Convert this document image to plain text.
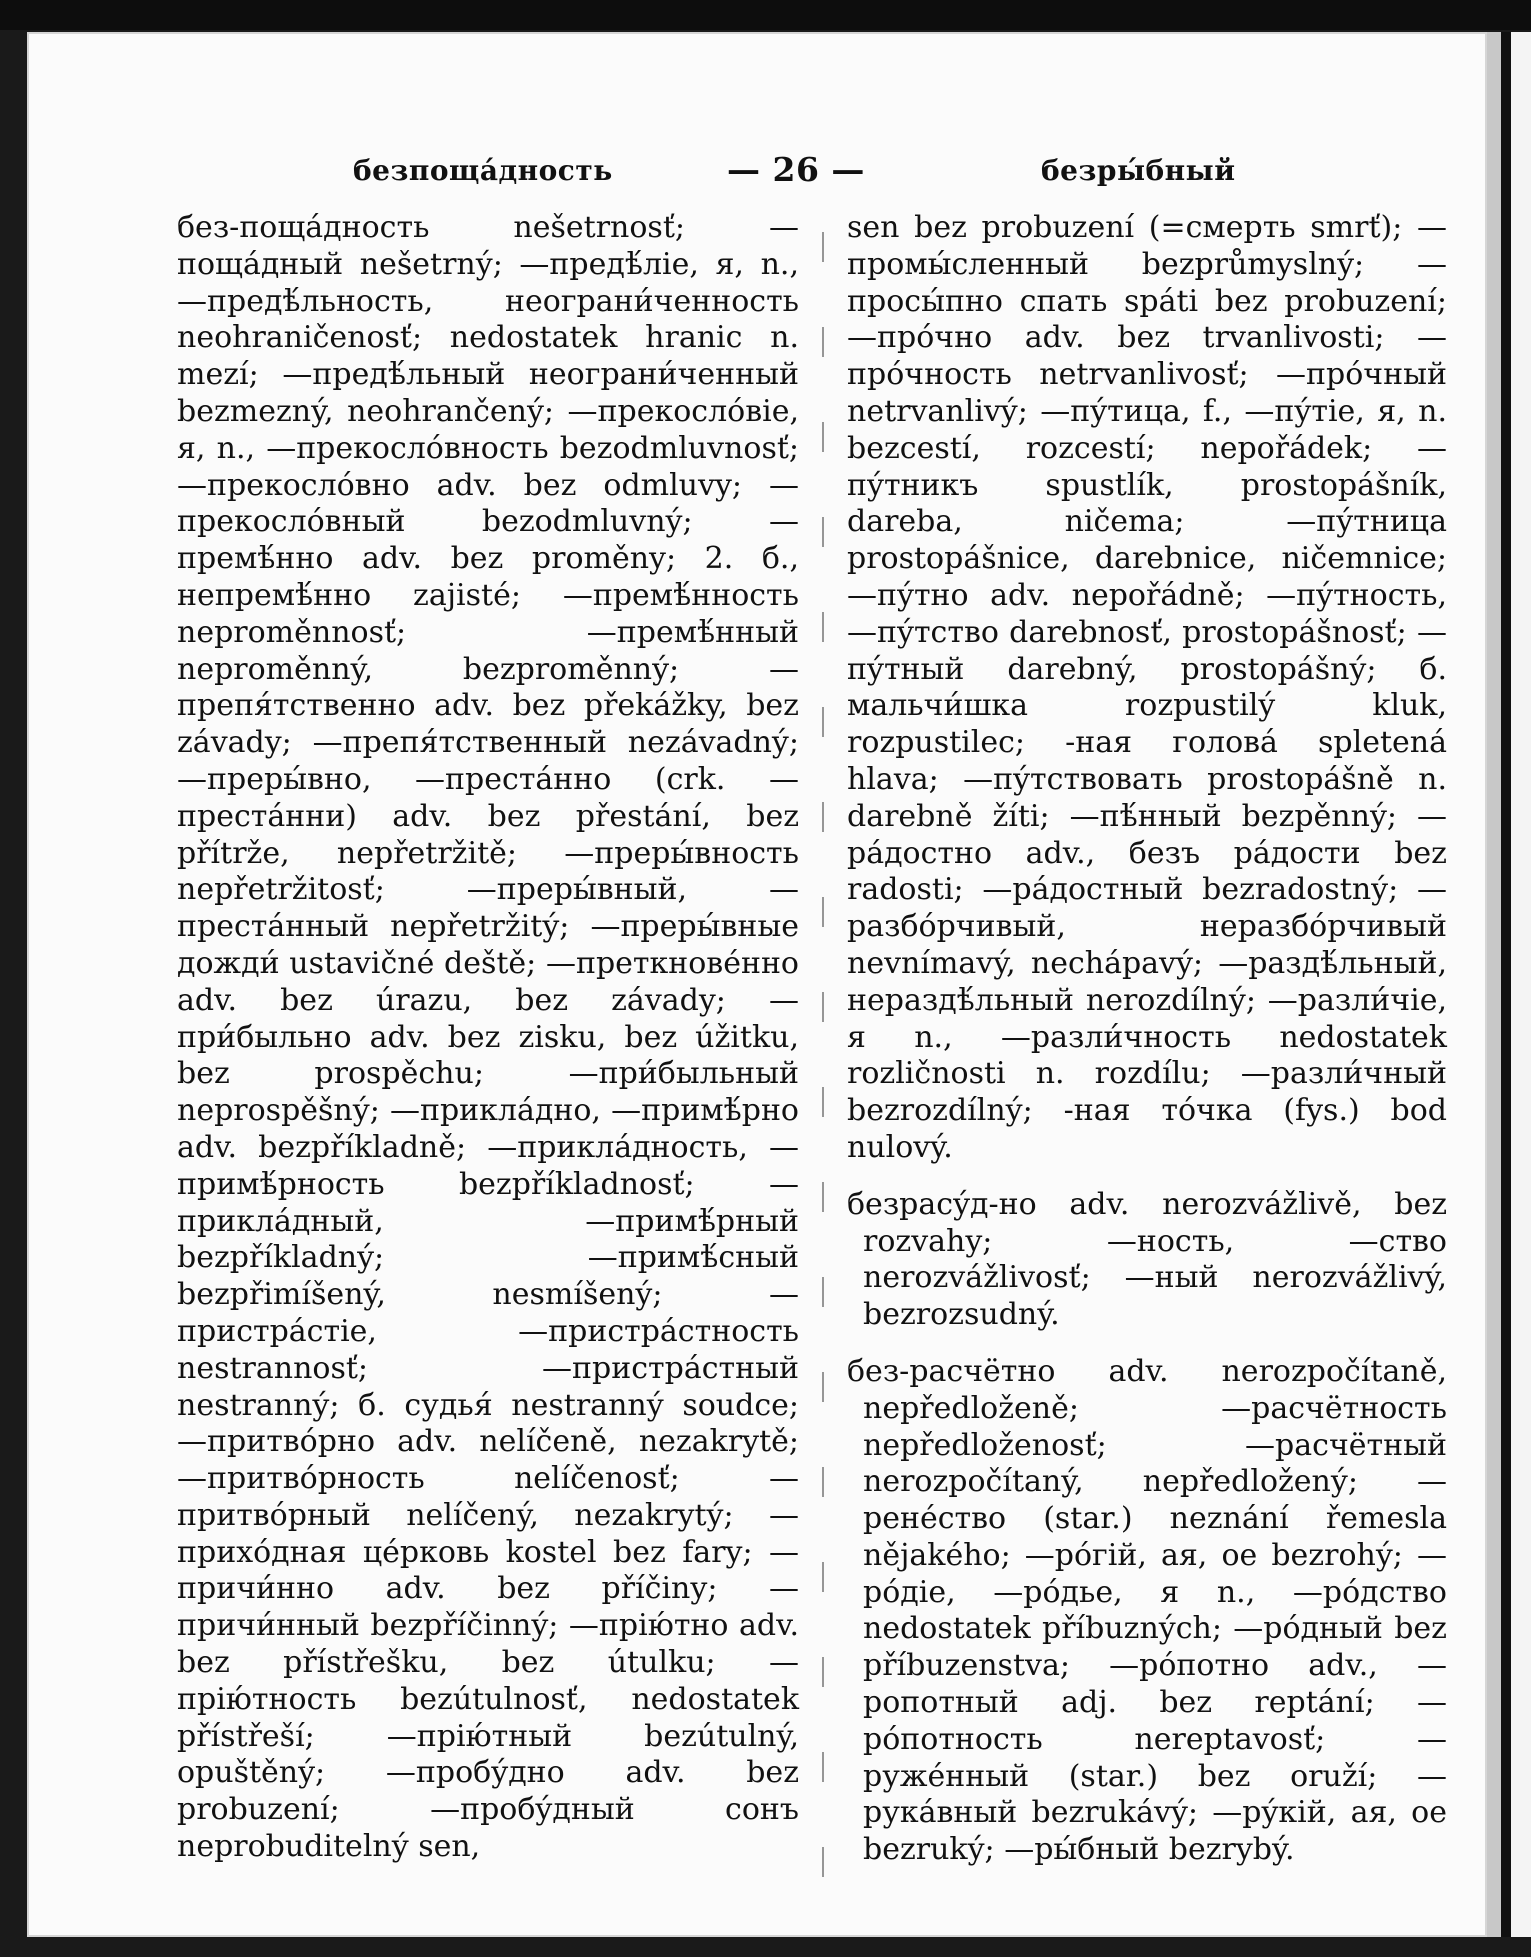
безпощáдность	— 26 —	безры́бный

без-пощáдность nešetrnosť; —пощáдный nešetrný; —предѣ́лie, я, n., —предѣ́льность, неограни́ченность neohraničenosť; nedostatek hranic n. mezí; —предѣ́льный неограни́ченный bezmezný, neohrančený; —прекослóвie, я, n., —прекослóвность bezodmluvnosť; —прекослóвно adv. bez odmluvy; —прекослóвный bezodmluvný; —премѣ́нно adv. bez proměny; 2. б., непремѣ́нно zajisté; —премѣ́нность neproměnnosť; —премѣ́нный neproměnný, bezproměnný; —препя́тственно adv. bez překážky, bez závady; —препя́тственный nezávadný; —преры́вно, —престáнно (crk. —престáнни) adv. bez přestání, bez přítrže, nepřetržitě; —преры́вность nepřetržitosť; —преры́вный, —престáнный nepřetržitý; —преры́вные дожди́ ustavičné deště; —преткновéнно adv. bez úrazu, bez závady; —при́быльно adv. bez zisku, bez úžitku, bez prospěchu; —при́быльный neprospěšný; —приклáдно, —примѣ́рно adv. bezpříkladně; —приклáдность, —примѣ́рность bezpříkladnosť; —приклáдный, —примѣ́рный bezpříkladný; —примѣ́сный bezpřimíšený, nesmíšený; —пристрáстie, —пристрáстность nestrannosť; —пристрáстный nestranný; б. судья́ nestranný soudce; —притвóрно adv. nelíčeně, nezakrytě; —притвóрность nelíčenosť; —притвóрный nelíčený, nezakrytý; —прихóдная цéрковь kostel bez fary; —причи́нно adv. bez příčiny; —причи́нный bezpříčinný; —прiю́тно adv. bez přístřešku, bez útulku; —прiю́тность bezútulnosť, nedostatek přístřeší; —прiю́тный bezútulný, opuštěný; —пробýдно adv. bez probuzení; —пробýдный сонъ neprobuditelný sen,

sen bez probuzení (=смерть smrť); —промы́сленный bezprůmyslný; —просы́пно спать spáti bez probuzení; —прóчно adv. bez trvanlivosti; —прóчность netrvanlivosť; —прóчный netrvanlivý; —пýтица, f., —пýтie, я, n. bezcestí, rozcestí; nepořádek; —пýтникъ spustlík, prostopášník, dareba, ničema; —пýтница prostopášnice, darebnice, ničemnice; —пýтно adv. nepořádně; —пýтность, —пýтство darebnosť, prostopášnosť; —пýтный darebný, prostopášný; б. мальчи́шка rozpustilý kluk, rozpustilec; -ная головá spletená hlava; —пýтствовать prostopášně n. darebně žíti; —пѣ́нный bezpěnný; —рáдостно adv., безъ рáдости bez radosti; —рáдостный bezradostný; —разбóрчивый, неразбóрчивый nevnímavý, nechápavý; —раздѣ́льный, нераздѣ́льный nerozdílný; —разли́чie, я n., —разли́чность nedostatek rozličnosti n. rozdílu; —разли́чный bezrozdílný; -ная тóчка (fys.) bod nulový.

безрасýд-но adv. nerozvážlivě, bez rozvahy; —ность, —ство nerozvážlivosť; —ный nerozvážlivý, bezrozsudný.

без-расчётно adv. nerozpočítaně, nepředloženě; —расчётность nepředloženosť; —расчётный nerozpočítaný, nepředložený; —ренéство (star.) neznání řemesla nějakého; —рóгiй, ая, ое bezrohý; —рóдie, —рóдье, я n., —рóдство nedostatek příbuzných; —рóдный bez příbuzenstva; —рóпотно adv., —ропотный adj. bez reptání; —рóпотность nereptavosť; —ружéнный (star.) bez oruží; —рукáвный bezrukávý; —рýкiй, ая, ое bezruký; —ры́бный bezrybý.
